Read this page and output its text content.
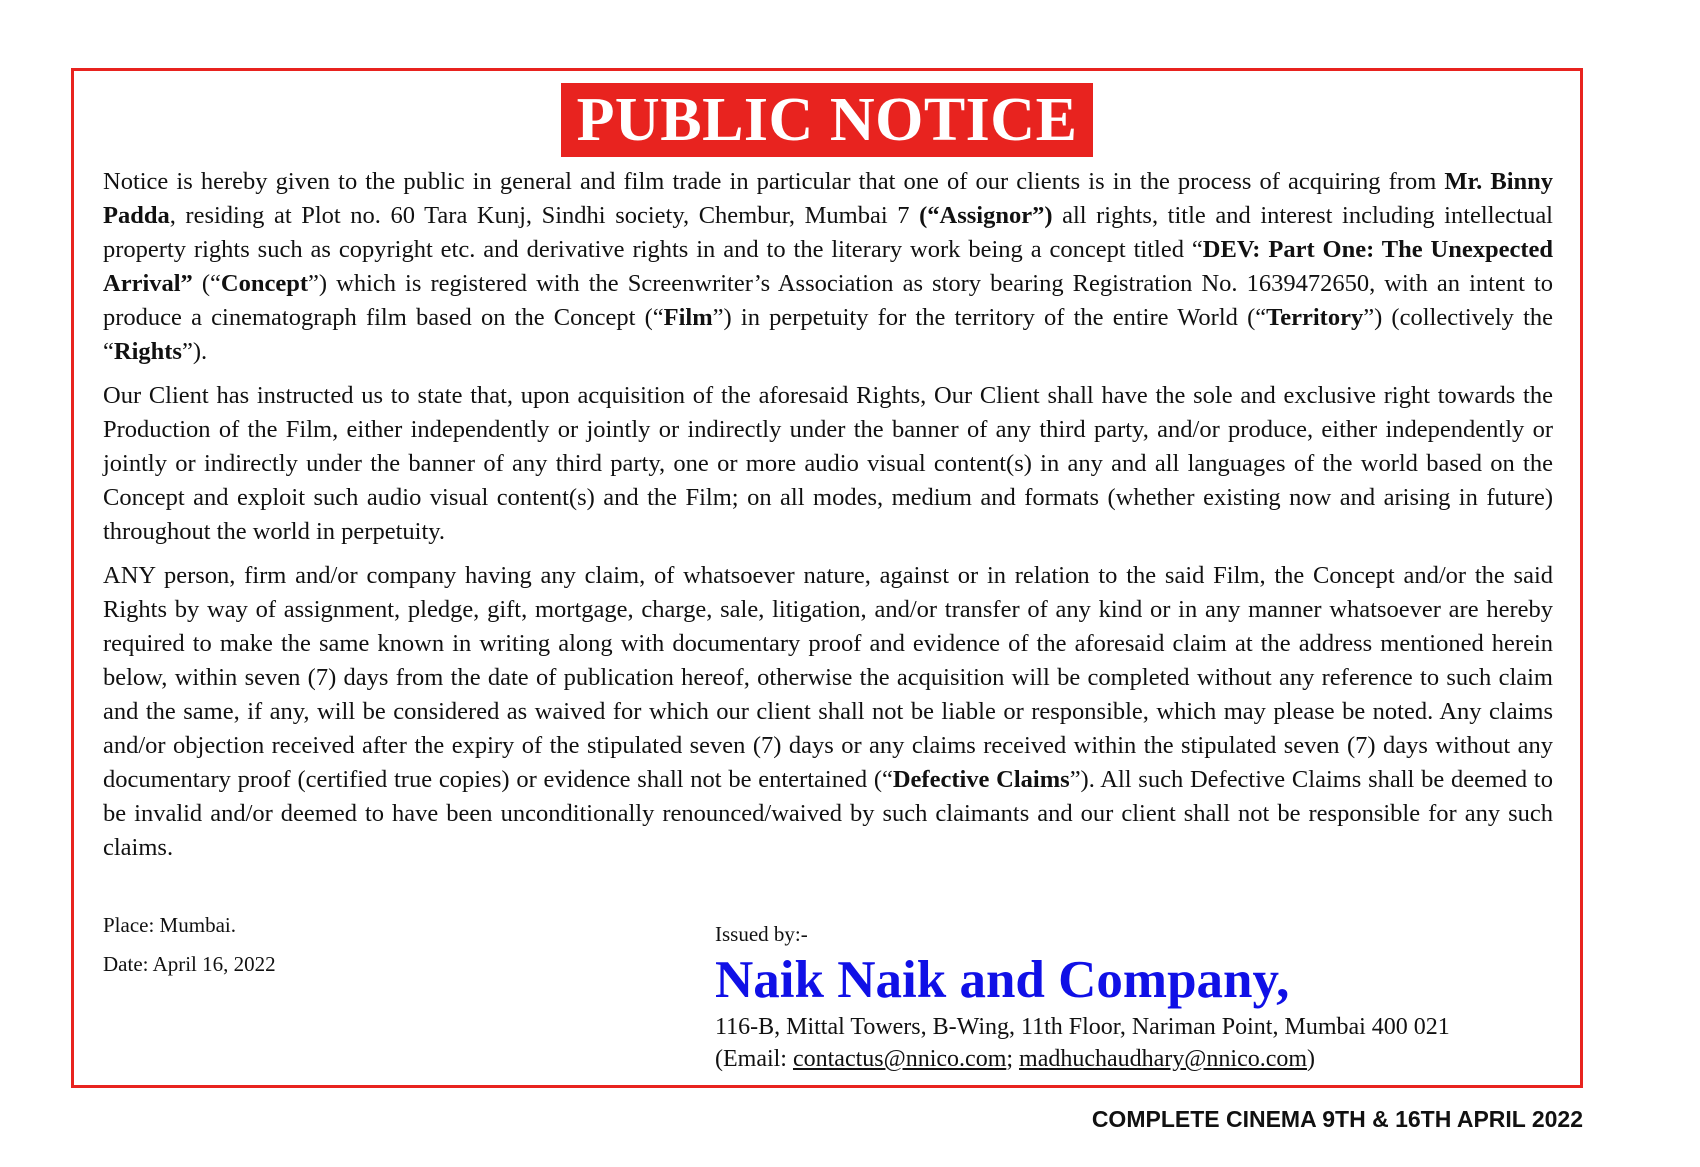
PUBLIC NOTICE

Notice is hereby given to the public in general and film trade in particular that one of our clients is in the process of acquiring from Mr. Binny Padda, residing at Plot no. 60 Tara Kunj, Sindhi society, Chembur, Mumbai 7 (“Assignor”) all rights, title and interest including intellectual property rights such as copyright etc. and derivative rights in and to the literary work being a concept titled “DEV: Part One: The Unexpected Arrival” (“Concept”) which is registered with the Screenwriter’s Association as story bearing Registration No. 1639472650, with an intent to produce a cinematograph film based on the Concept (“Film”) in perpetuity for the territory of the entire World (“Territory”) (collectively the “Rights”).

Our Client has instructed us to state that, upon acquisition of the aforesaid Rights, Our Client shall have the sole and exclusive right towards the Production of the Film, either independently or jointly or indirectly under the banner of any third party, and/or produce, either independently or jointly or indirectly under the banner of any third party, one or more audio visual content(s) in any and all languages of the world based on the Concept and exploit such audio visual content(s) and the Film; on all modes, medium and formats (whether existing now and arising in future) throughout the world in perpetuity.

ANY person, firm and/or company having any claim, of whatsoever nature, against or in relation to the said Film, the Concept and/or the said Rights by way of assignment, pledge, gift, mortgage, charge, sale, litigation, and/or transfer of any kind or in any manner whatsoever are hereby required to make the same known in writing along with documentary proof and evidence of the aforesaid claim at the address mentioned herein below, within seven (7) days from the date of publication hereof, otherwise the acquisition will be completed without any reference to such claim and the same, if any, will be considered as waived for which our client shall not be liable or responsible, which may please be noted. Any claims and/or objection received after the expiry of the stipulated seven (7) days or any claims received within the stipulated seven (7) days without any documentary proof (certified true copies) or evidence shall not be entertained (“Defective Claims”). All such Defective Claims shall be deemed to be invalid and/or deemed to have been unconditionally renounced/waived by such claimants and our client shall not be responsible for any such claims.

Place: Mumbai.
Date: April 16, 2022
Issued by:-
Naik Naik and Company,
116-B, Mittal Towers, B-Wing, 11th Floor, Nariman Point, Mumbai 400 021
(Email: contactus@nnico.com; madhuchaudhary@nnico.com)
COMPLETE CINEMA 9TH & 16TH APRIL 2022
